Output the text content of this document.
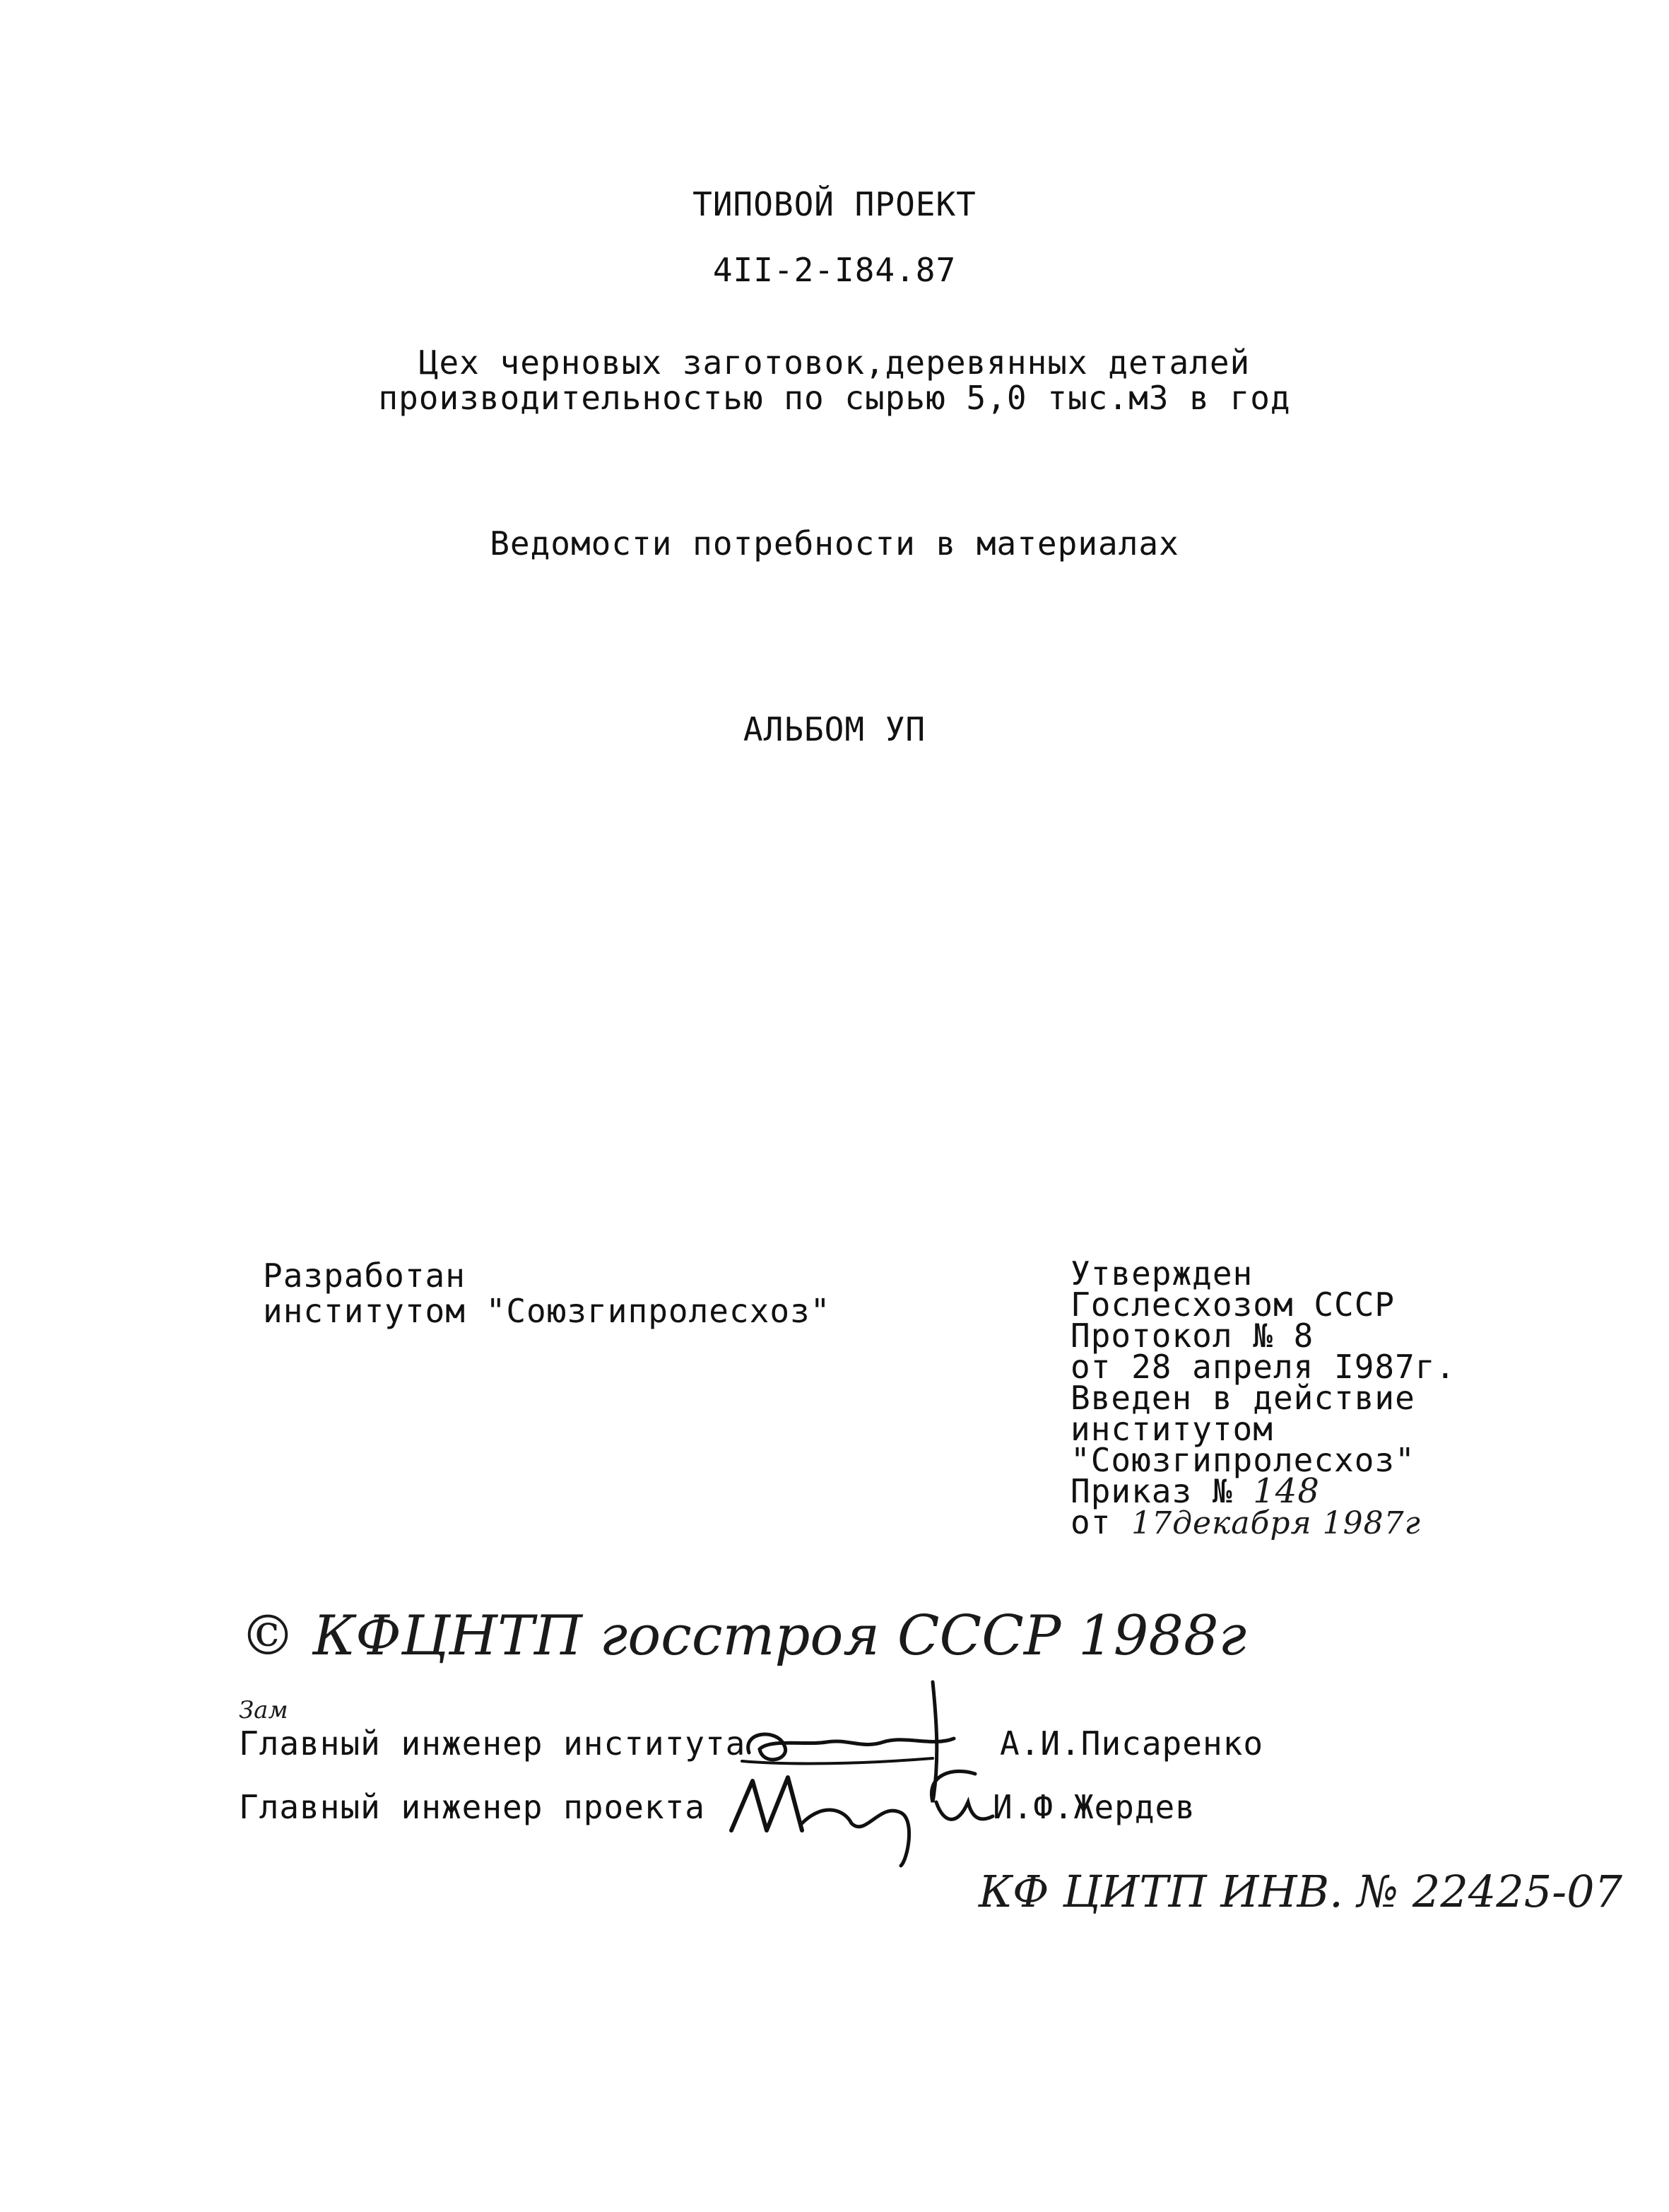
ТИПОВОЙ ПРОЕКТ
4II-2-I84.87
Цех черновых заготовок,деревянных деталей
производительностью по сырью 5,0 тыс.м3 в год
Ведомости потребности в материалах
АЛЬБОМ УП
Разработан
институтом "Союзгипролесхоз"
Утвержден
Гослесхозом СССР
Протокол № 8
от 28 апреля I987г.
Введен в действие
институтом
"Союзгипролесхоз"
Приказ № 148
от 17декабря 1987г
© КФЦНТП госстроя СССР 1988г
Зам
Главный инженер института	А.И.Писаренко
Главный инженер проекта	И.Ф.Жердев
КФ ЦИТП ИНВ. № 22425-07
